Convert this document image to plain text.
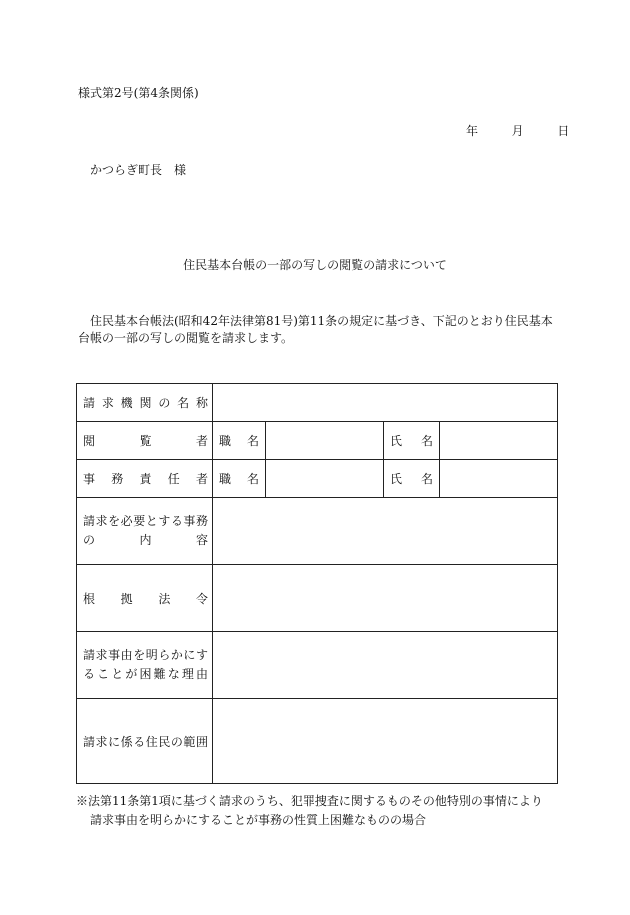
様式第2号(第4条関係)
年	月	日
かつらぎ町長　様
住民基本台帳の一部の写しの閲覧の請求について
住民基本台帳法(昭和42年法律第81号)第11条の規定に基づき、下記のとおり住民基本台帳の一部の写しの閲覧を請求します。
請求機関の名称				
閲覧者	職名		氏名	
事務責任者	職名		氏名	

請求を必要とする事務
の内容				

根拠法令				

請求事由を明らかにす
ることが困難な理由				

請求に係る住民の範囲				
※法第11条第1項に基づく請求のうち、犯罪捜査に関するものその他特別の事情により
請求事由を明らかにすることが事務の性質上困難なものの場合
